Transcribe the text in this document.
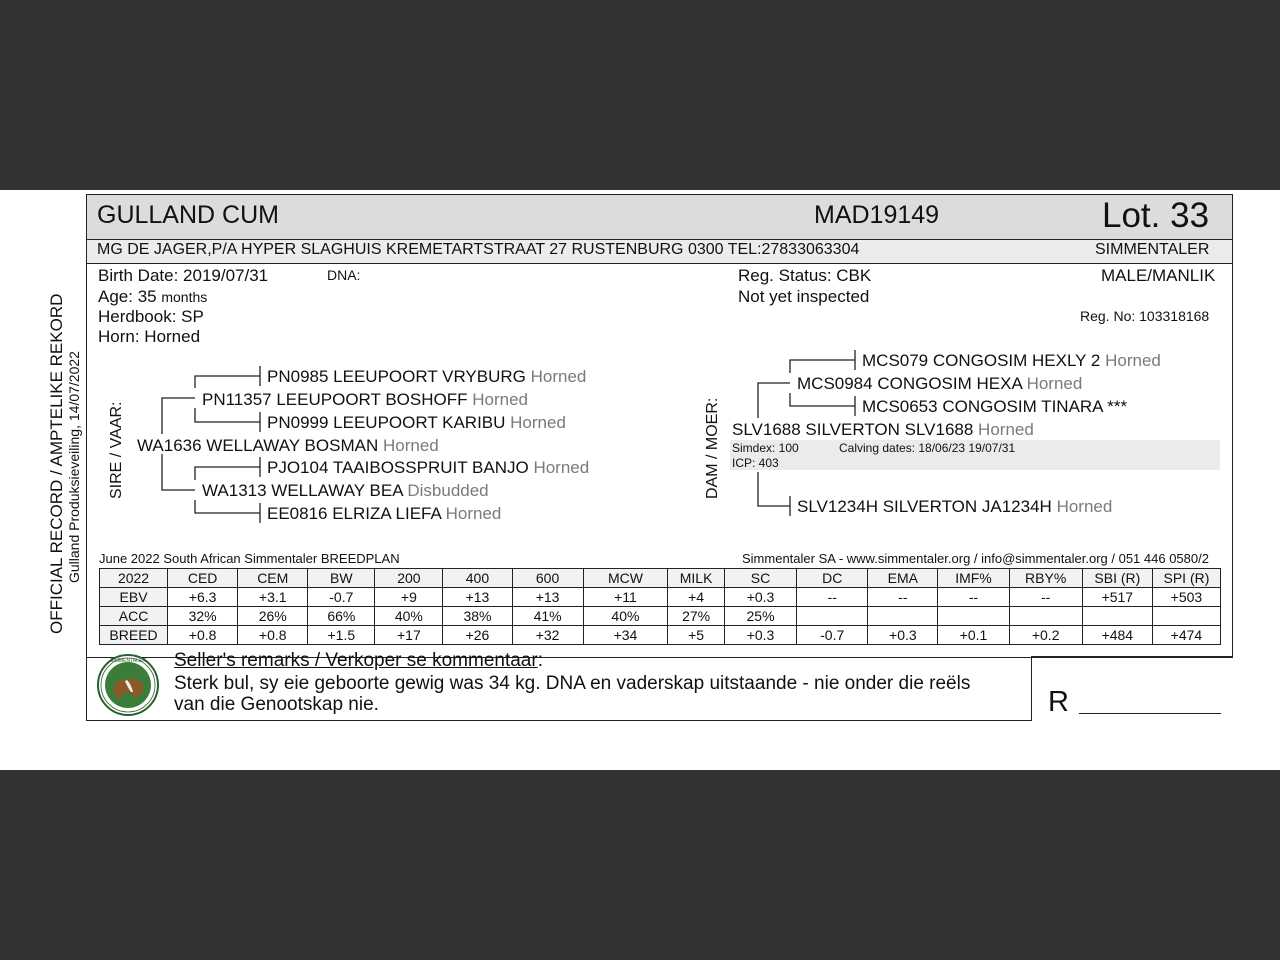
OFFICIAL RECORD / AMPTELIKE REKORD Gulland Produksieveiling, 14/07/2022
GULLAND CUM	MAD19149	Lot. 33
MG DE JAGER,P/A HYPER SLAGHUIS KREMETARTSTRAAT 27 RUSTENBURG 0300 TEL:27833063304	SIMMENTALER
Birth Date: 2019/07/31	DNA:
Age: 35 months
Herdbook: SP
Horn: Horned
Reg. Status: CBK
Not yet inspected
MALE/MANLIK
Reg. No: 103318168
SIRE / VAAR:	DAM / MOER:
PN0985 LEEUPOORT VRYBURG Horned
PN11357 LEEUPOORT BOSHOFF Horned
PN0999 LEEUPOORT KARIBU Horned
WA1636 WELLAWAY BOSMAN Horned
PJO104 TAAIBOSSPRUIT BANJO Horned
WA1313 WELLAWAY BEA Disbudded
EE0816 ELRIZA LIEFA Horned
MCS079 CONGOSIM HEXLY 2 Horned
MCS0984 CONGOSIM HEXA Horned
MCS0653 CONGOSIM TINARA ***
SLV1688 SILVERTON SLV1688 Horned
Simdex: 100	Calving dates: 18/06/23 19/07/31
ICP: 403
SLV1234H SILVERTON JA1234H Horned
June 2022 South African Simmentaler BREEDPLAN	Simmentaler SA - www.simmentaler.org / info@simmentaler.org / 051 446 0580/2
2022	CED	CEM	BW	200	400	600	MCW	MILK	SC	DC	EMA	IMF%	RBY%	SBI (R)	SPI (R)
EBV	+6.3	+3.1	-0.7	+9	+13	+13	+11	+4	+0.3	--	--	--	--	+517	+503
ACC	32%	26%	66%	40%	38%	41%	40%	27%	25%						
BREED	+0.8	+0.8	+1.5	+17	+26	+32	+34	+5	+0.3	-0.7	+0.3	+0.1	+0.2	+484	+474
SIMMENTALER Seller's remarks / Verkoper se kommentaar:
Sterk bul, sy eie geboorte gewig was 34 kg. DNA en vaderskap uitstaande - nie onder die reëls
van die Genootskap nie.	R
